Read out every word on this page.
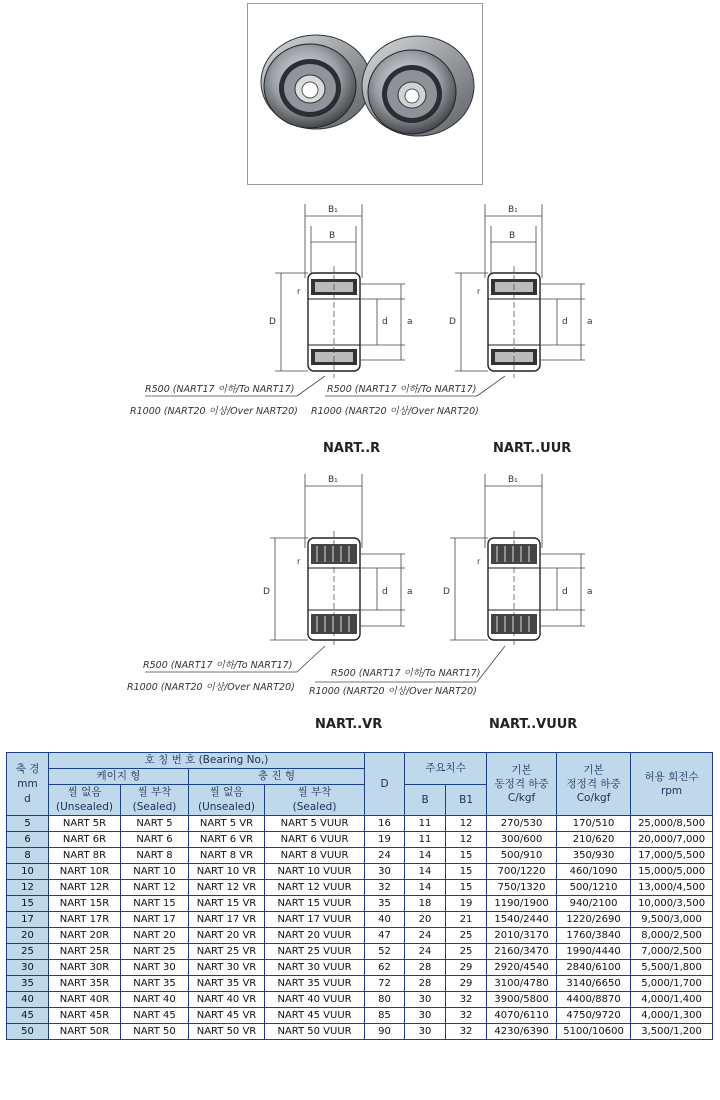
B₁
B
D	d a
r
R500 (NART17 이하/To NART17)
R1000 (NART20 이상/Over NART20)
NART..R
B₁
B
D	d a
r
R500 (NART17 이하/To NART17)
R1000 (NART20 이상/Over NART20)
NART..UUR
B₁
D	d a
r
R500 (NART17 이하/To NART17)
R1000 (NART20 이상/Over NART20)
NART..VR
B₁
D	d a
r
R500 (NART17 이하/To NART17)
R1000 (NART20 이상/Over NART20)
NART..VUUR
축 경
mm
d	호 칭 번 호 (Bearing No,)				D	주요치수		기본
동정격 하중
C/kgf	기본
정정격 하중
Co/kgf	허용 회전수
rpm
	케이지 형		충 진 형							
	씰 없음
(Unsealed)	씰 부착
(Sealed)	씰 없음
(Unsealed)	씰 부착
(Sealed)		B	B1			

5	NART 5R	NART 5	NART 5 VR	NART 5 VUUR	16	11	12	270/530	170/510	25,000/8,500
6	NART 6R	NART 6	NART 6 VR	NART 6 VUUR	19	11	12	300/600	210/620	20,000/7,000
8	NART 8R	NART 8	NART 8 VR	NART 8 VUUR	24	14	15	500/910	350/930	17,000/5,500
10	NART 10R	NART 10	NART 10 VR	NART 10 VUUR	30	14	15	700/1220	460/1090	15,000/5,000
12	NART 12R	NART 12	NART 12 VR	NART 12 VUUR	32	14	15	750/1320	500/1210	13,000/4,500
15	NART 15R	NART 15	NART 15 VR	NART 15 VUUR	35	18	19	1190/1900	940/2100	10,000/3,500
17	NART 17R	NART 17	NART 17 VR	NART 17 VUUR	40	20	21	1540/2440	1220/2690	9,500/3,000
20	NART 20R	NART 20	NART 20 VR	NART 20 VUUR	47	24	25	2010/3170	1760/3840	8,000/2,500
25	NART 25R	NART 25	NART 25 VR	NART 25 VUUR	52	24	25	2160/3470	1990/4440	7,000/2,500
30	NART 30R	NART 30	NART 30 VR	NART 30 VUUR	62	28	29	2920/4540	2840/6100	5,500/1,800
35	NART 35R	NART 35	NART 35 VR	NART 35 VUUR	72	28	29	3100/4780	3140/6650	5,000/1,700
40	NART 40R	NART 40	NART 40 VR	NART 40 VUUR	80	30	32	3900/5800	4400/8870	4,000/1,400
45	NART 45R	NART 45	NART 45 VR	NART 45 VUUR	85	30	32	4070/6110	4750/9720	4,000/1,300
50	NART 50R	NART 50	NART 50 VR	NART 50 VUUR	90	30	32	4230/6390	5100/10600	3,500/1,200
